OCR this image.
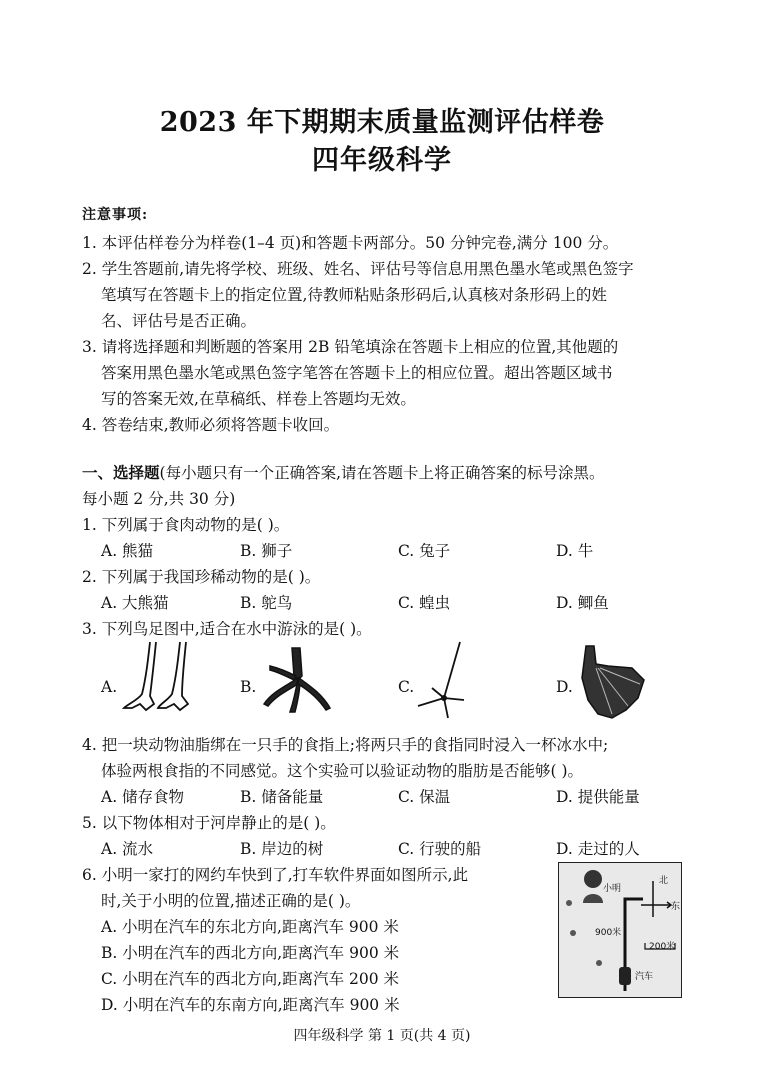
2023 年下期期末质量监测评估样卷
四年级科学
注意事项:
1. 本评估样卷分为样卷(1–4 页)和答题卡两部分。50 分钟完卷,满分 100 分。
2. 学生答题前,请先将学校、班级、姓名、评估号等信息用黑色墨水笔或黑色签字
笔填写在答题卡上的指定位置,待教师粘贴条形码后,认真核对条形码上的姓
名、评估号是否正确。
3. 请将选择题和判断题的答案用 2B 铅笔填涂在答题卡上相应的位置,其他题的
答案用黑色墨水笔或黑色签字笔答在答题卡上的相应位置。超出答题区域书
写的答案无效,在草稿纸、样卷上答题均无效。
4. 答卷结束,教师必须将答题卡收回。
一、选择题(每小题只有一个正确答案,请在答题卡上将正确答案的标号涂黑。
每小题 2 分,共 30 分)
1. 下列属于食肉动物的是( )。
A. 熊猫	B. 狮子	C. 兔子	D. 牛
2. 下列属于我国珍稀动物的是( )。
A. 大熊猫	B. 鸵鸟	C. 蝗虫	D. 鲫鱼
3. 下列鸟足图中,适合在水中游泳的是( )。
A.	B.	C.	D.
4. 把一块动物油脂绑在一只手的食指上;将两只手的食指同时浸入一杯冰水中;
体验两根食指的不同感觉。这个实验可以验证动物的脂肪是否能够( )。
A. 储存食物	B. 储备能量	C. 保温	D. 提供能量
5. 以下物体相对于河岸静止的是( )。
A. 流水	B. 岸边的树	C. 行驶的船	D. 走过的人
6. 小明一家打的网约车快到了,打车软件界面如图所示,此
时,关于小明的位置,描述正确的是( )。
A. 小明在汽车的东北方向,距离汽车 900 米
B. 小明在汽车的西北方向,距离汽车 900 米
C. 小明在汽车的西北方向,距离汽车 200 米
D. 小明在汽车的东南方向,距离汽车 900 米
小明
北
东
900米
200米
汽车
四年级科学 第 1 页(共 4 页)
